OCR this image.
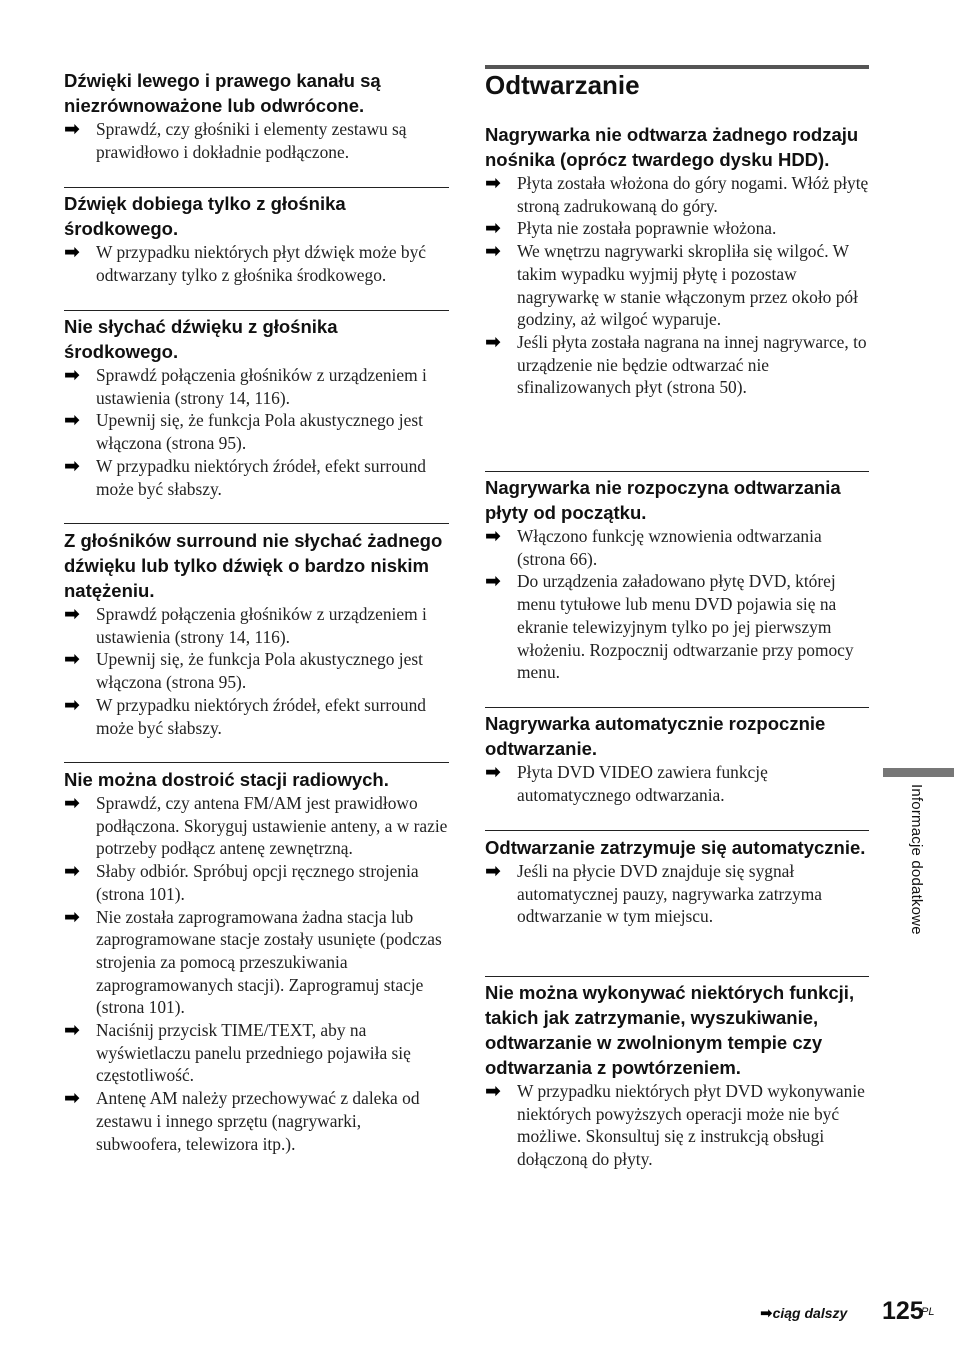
Dźwięki lewego i prawego kanału są niezrównoważone lub odwrócone.
➡ Sprawdź, czy głośniki i elementy zestawu są prawidłowo i dokładnie podłączone.
Dźwięk dobiega tylko z głośnika środkowego.
➡ W przypadku niektórych płyt dźwięk może być odtwarzany tylko z głośnika środkowego.
Nie słychać dźwięku z głośnika środkowego.
➡ Sprawdź połączenia głośników z urządzeniem i ustawienia (strony 14, 116).
➡ Upewnij się, że funkcja Pola akustycznego jest włączona (strona 95).
➡ W przypadku niektórych źródeł, efekt surround może być słabszy.
Z głośników surround nie słychać żadnego dźwięku lub tylko dźwięk o bardzo niskim natężeniu.
➡ Sprawdź połączenia głośników z urządzeniem i ustawienia (strony 14, 116).
➡ Upewnij się, że funkcja Pola akustycznego jest włączona (strona 95).
➡ W przypadku niektórych źródeł, efekt surround może być słabszy.
Nie można dostroić stacji radiowych.
➡ Sprawdź, czy antena FM/AM jest prawidłowo podłączona. Skoryguj ustawienie anteny, a w razie potrzeby podłącz antenę zewnętrzną.
➡ Słaby odbiór. Spróbuj opcji ręcznego strojenia (strona 101).
➡ Nie została zaprogramowana żadna stacja lub zaprogramowane stacje zostały usunięte (podczas strojenia za pomocą przeszukiwania zaprogramowanych stacji). Zaprogramuj stacje (strona 101).
➡ Naciśnij przycisk TIME/TEXT, aby na wyświetlaczu panelu przedniego pojawiła się częstotliwość.
➡ Antenę AM należy przechowywać z daleka od zestawu i innego sprzętu (nagrywarki, subwoofera, telewizora itp.).
Odtwarzanie
Nagrywarka nie odtwarza żadnego rodzaju nośnika (oprócz twardego dysku HDD).
➡ Płyta została włożona do góry nogami. Włóż płytę stroną zadrukowaną do góry.
➡ Płyta nie została poprawnie włożona.
➡ We wnętrzu nagrywarki skropliła się wilgoć. W takim wypadku wyjmij płytę i pozostaw nagrywarkę w stanie włączonym przez około pół godziny, aż wilgoć wyparuje.
➡ Jeśli płyta została nagrana na innej nagrywarce, to urządzenie nie będzie odtwarzać nie sfinalizowanych płyt (strona 50).
Nagrywarka nie rozpoczyna odtwarzania płyty od początku.
➡ Włączono funkcję wznowienia odtwarzania (strona 66).
➡ Do urządzenia załadowano płytę DVD, której menu tytułowe lub menu DVD pojawia się na ekranie telewizyjnym tylko po jej pierwszym włożeniu. Rozpocznij odtwarzanie przy pomocy menu.
Nagrywarka automatycznie rozpocznie odtwarzanie.
➡ Płyta DVD VIDEO zawiera funkcję automatycznego odtwarzania.
Odtwarzanie zatrzymuje się automatycznie.
➡ Jeśli na płycie DVD znajduje się sygnał automatycznej pauzy, nagrywarka zatrzyma odtwarzanie w tym miejscu.
Nie można wykonywać niektórych funkcji, takich jak zatrzymanie, wyszukiwanie, odtwarzanie w zwolnionym tempie czy odtwarzania z powtórzeniem.
➡ W przypadku niektórych płyt DVD wykonywanie niektórych powyższych operacji może nie być możliwe. Skonsultuj się z instrukcją obsługi dołączoną do płyty.
Informacje dodatkowe
➡ciąg dalszy 125
PL
